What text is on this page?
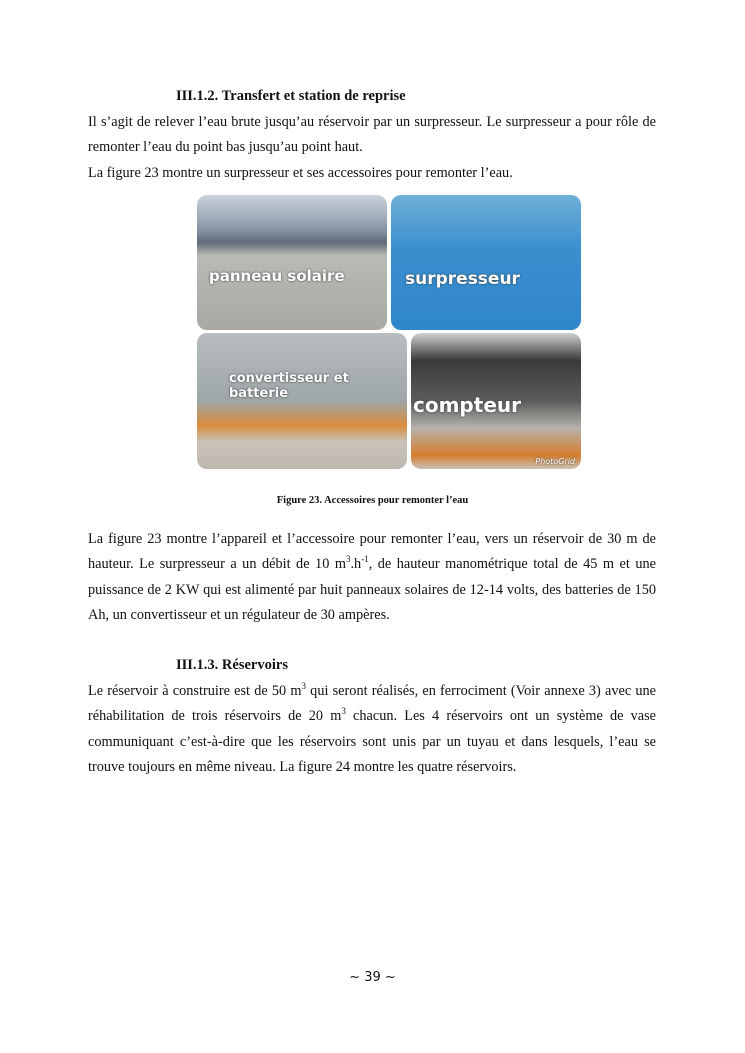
III.1.2. Transfert et station de reprise
Il s’agit de relever l’eau brute jusqu’au réservoir par un surpresseur. Le surpresseur a pour rôle de remonter l’eau du point bas jusqu’au point haut.
La figure 23 montre un surpresseur et ses accessoires pour remonter l’eau.
panneau solaire	surpresseur
convertisseur et batterie	compteur
PhotoGrid
Figure 23. Accessoires pour remonter l’eau
La figure 23 montre l’appareil et l’accessoire pour remonter l’eau, vers un réservoir de 30 m de hauteur. Le surpresseur a un débit de 10 $m^3.h^{-1}$, de hauteur manométrique total de 45 m et une puissance de 2 KW qui est alimenté par huit panneaux solaires de 12-14 volts, des batteries de 150 Ah, un convertisseur et un régulateur de 30 ampères.
III.1.3. Réservoirs
Le réservoir à construire est de 50 $m^3$ qui seront réalisés, en ferrociment (Voir annexe 3) avec une réhabilitation de trois réservoirs de 20 $m^3$ chacun. Les 4 réservoirs ont un système de vase communiquant c’est-à-dire que les réservoirs sont unis par un tuyau et dans lesquels, l’eau se trouve toujours en même niveau. La figure 24 montre les quatre réservoirs.
~ 39 ~
